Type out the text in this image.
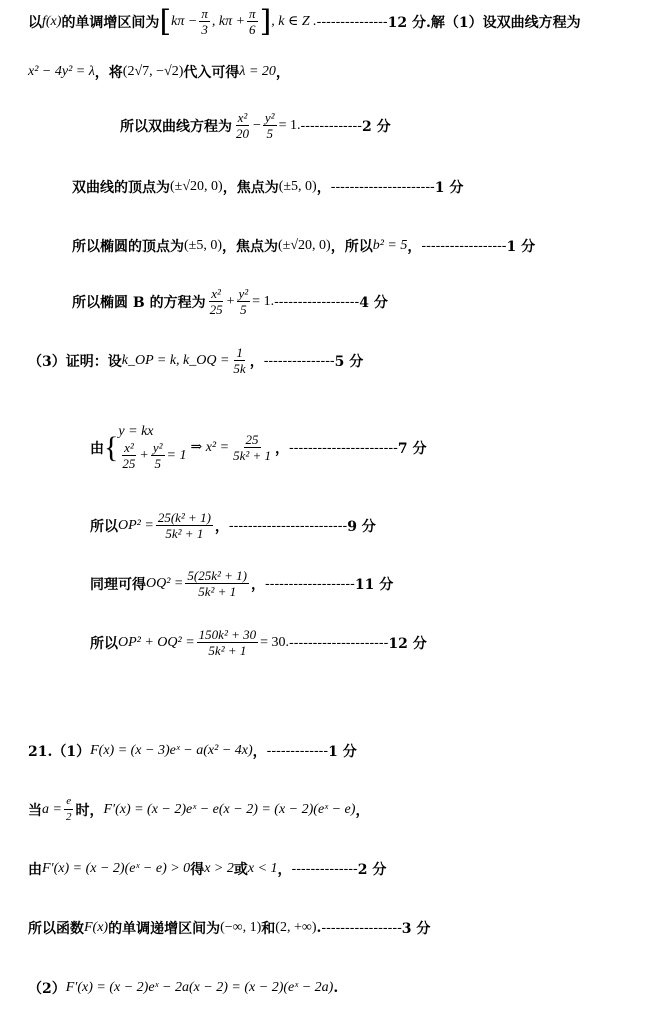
以 f(x) 的单调增区间为 [ $k\pi - \frac{\pi}{3}$ , $k\pi + \frac{\pi}{6}$ ] , k ∈ Z . --------------- 12 分.解（1）设双曲线方程为
x² − 4y² = λ ，将 (2√7, −√2) 代入可得 λ = 20 ，
所以双曲线方程为 $\frac{\text{x²}}{20} - \frac{\text{y²}}{5} = 1$. ------------- 2 分
双曲线的顶点为 (±√20, 0) ，焦点为 (±5, 0) ， ---------------------- 1 分
所以椭圆的顶点为 (±5, 0) ，焦点为 (±√20, 0) ，所以 b² = 5 ， ------------------ 1 分
所以椭圆 B 的方程为 $\frac{\text{x²}}{25} + \frac{\text{y²}}{5} = 1$. ------------------ 4 分
（3）证明：设 k_OP = k, k_OQ = $\frac{1}{5k}$ ， --------------- 5 分
由 { y = kx
$\frac{\text{x²}}{25} + \frac{\text{y²}}{5} = 1$ ⇒ $x^2 = \frac{25}{\text{5k² + 1}}$ ， ----------------------- 7 分
所以 $OP^2 = \frac{\text{25(k² + 1)}}{\text{5k² + 1}}$ ， ------------------------- 9 分
同理可得 $OQ^2 = \frac{\text{5(25k² + 1)}}{\text{5k² + 1}}$ ， ------------------- 11 分
所以 $OP^2 + OQ^2 = \frac{\text{150k² + 30}}{\text{5k² + 1}} = 30$. --------------------- 12 分
21.（1） F(x) = (x − 3)eˣ − a(x² − 4x) ， ------------- 1 分
当 $a = \frac{e}{2}$ 时， F′(x) = (x − 2)eˣ − e(x − 2) = (x − 2)(eˣ − e) ，
由 F′(x) = (x − 2)(eˣ − e) > 0 得 x > 2 或 x < 1 ， -------------- 2 分
所以函数 F(x) 的单调递增区间为 (−∞, 1) 和 (2, +∞) . ----------------- 3 分
（2） F′(x) = (x − 2)eˣ − 2a(x − 2) = (x − 2)(eˣ − 2a) .
